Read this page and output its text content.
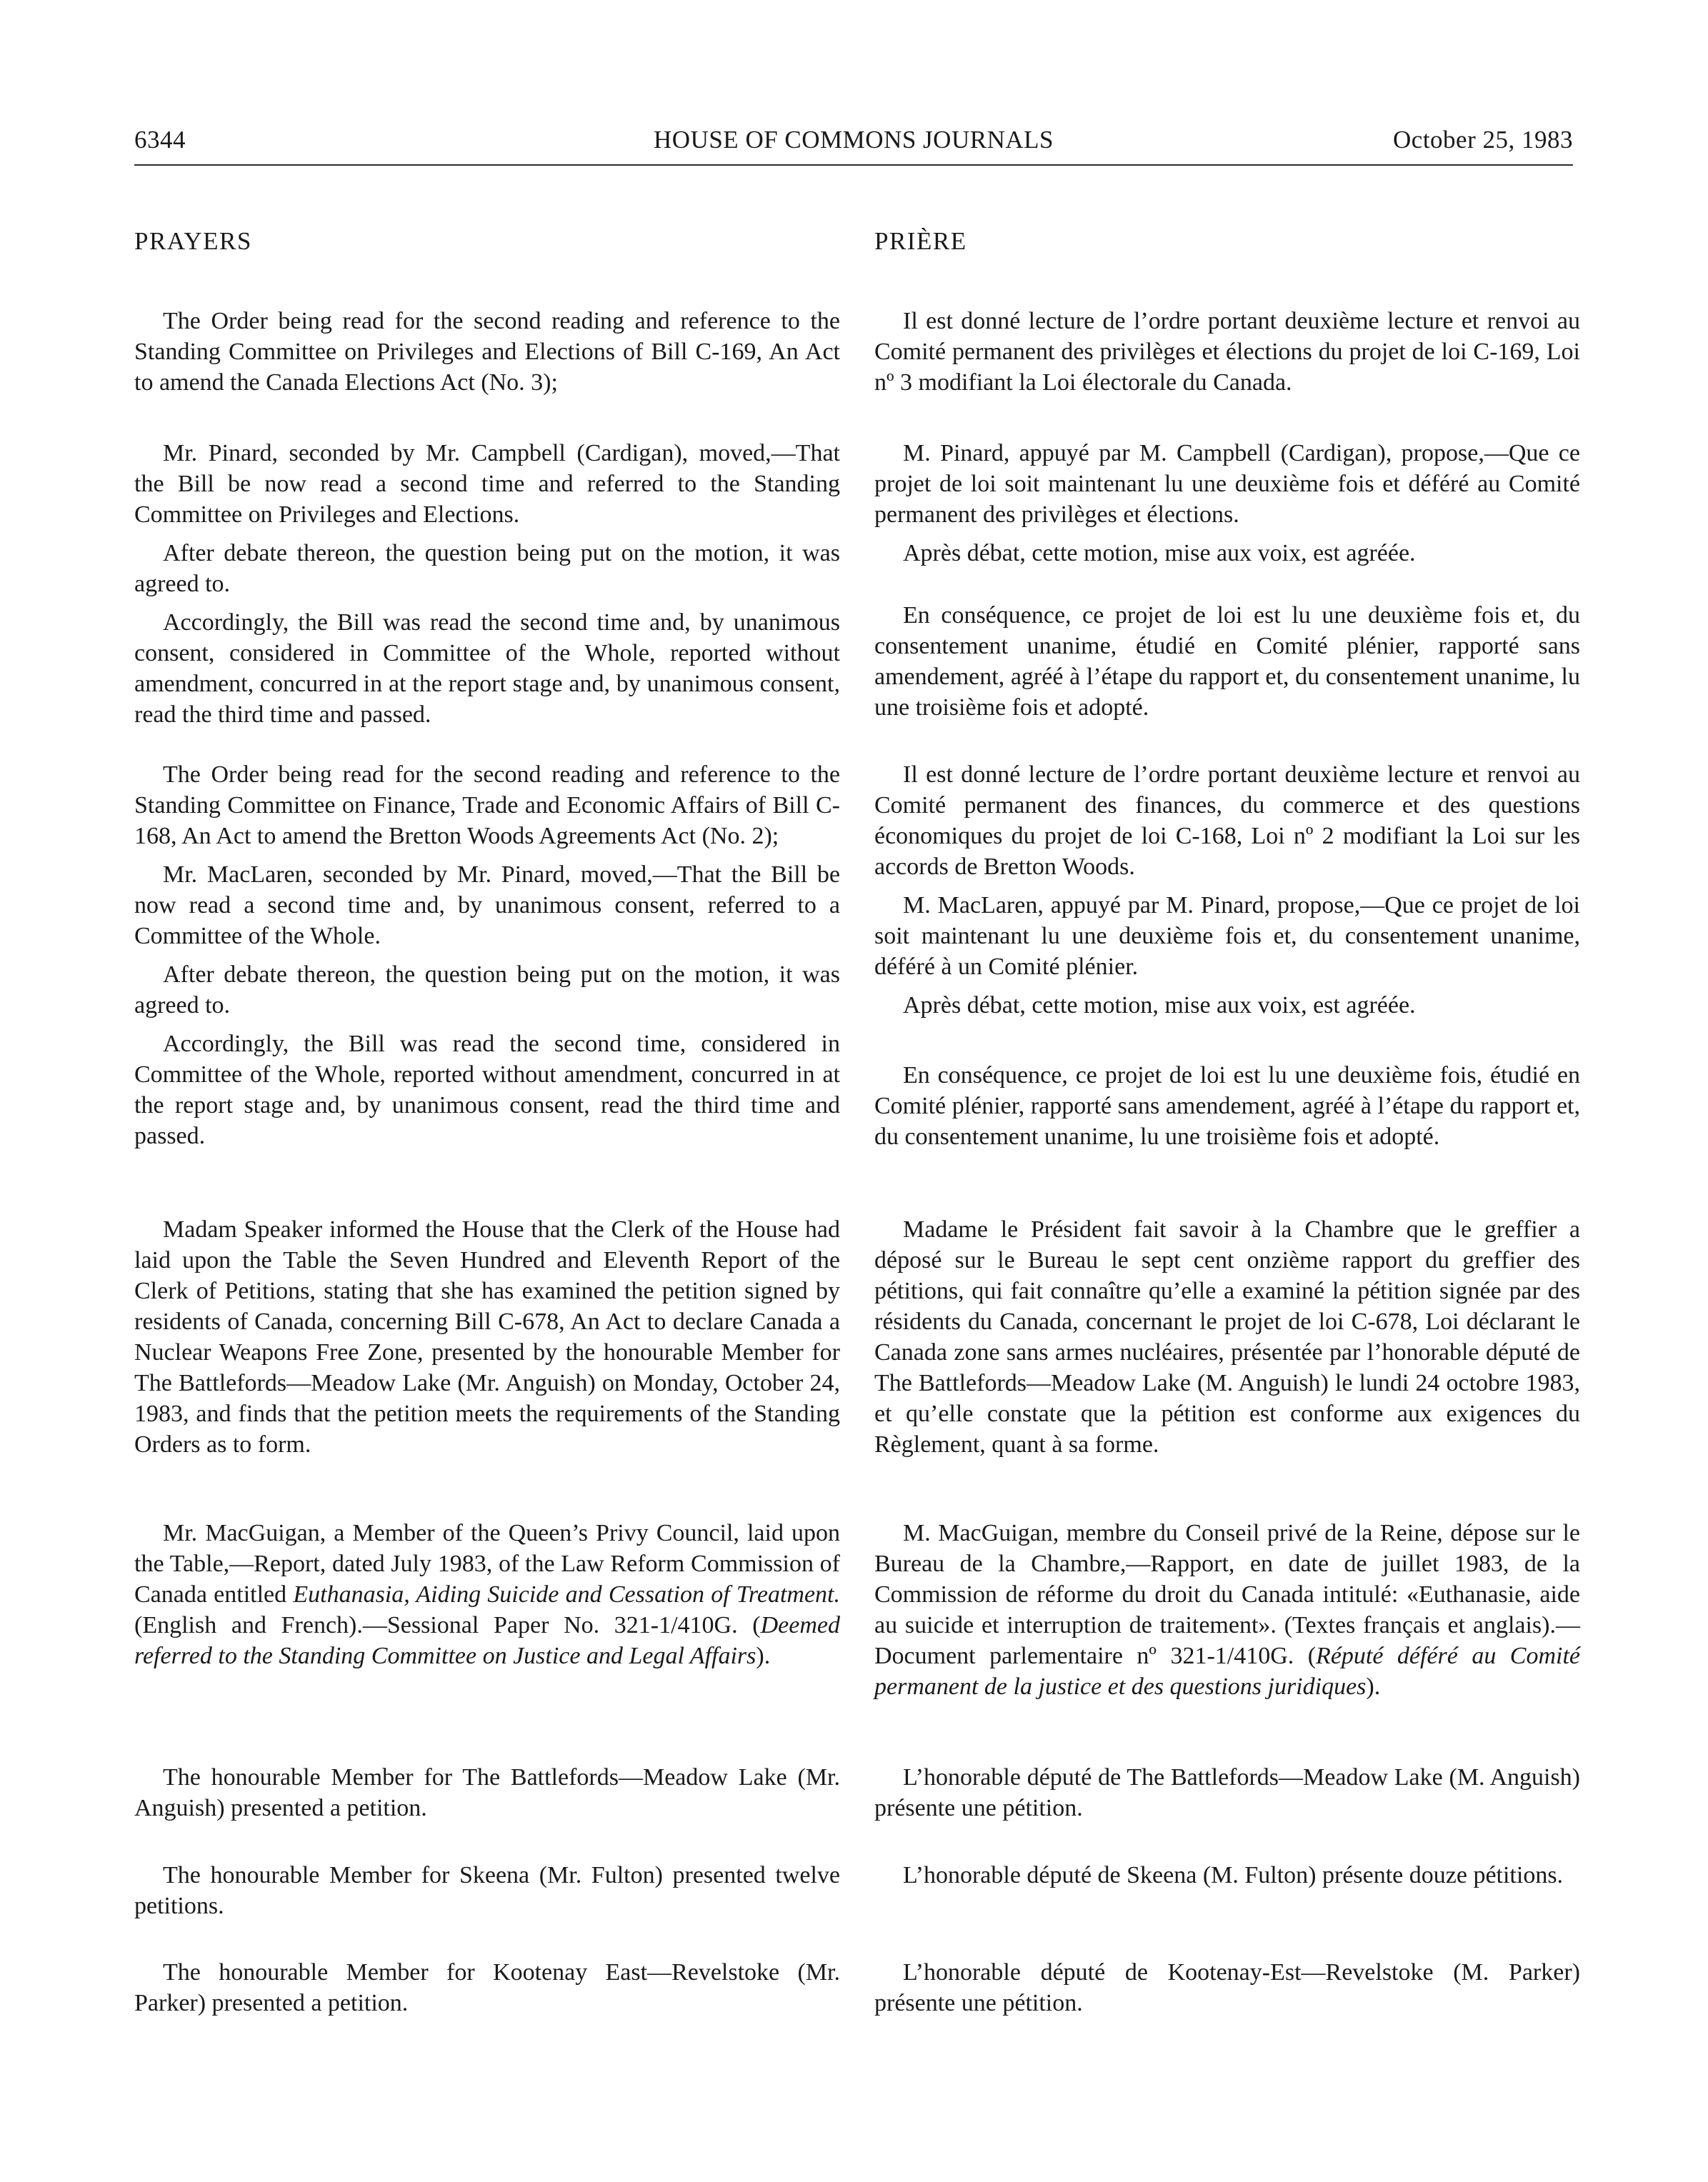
6344	HOUSE OF COMMONS JOURNALS	October 25, 1983
PRAYERS

The Order being read for the second reading and reference to the Standing Committee on Privileges and Elections of Bill C-169, An Act to amend the Canada Elections Act (No. 3);

Mr. Pinard, seconded by Mr. Campbell (Cardigan), moved,—That the Bill be now read a second time and referred to the Standing Committee on Privileges and Elections.

After debate thereon, the question being put on the motion, it was agreed to.

Accordingly, the Bill was read the second time and, by unanimous consent, considered in Committee of the Whole, reported without amendment, concurred in at the report stage and, by unanimous consent, read the third time and passed.

The Order being read for the second reading and reference to the Standing Committee on Finance, Trade and Economic Affairs of Bill C-168, An Act to amend the Bretton Woods Agreements Act (No. 2);

Mr. MacLaren, seconded by Mr. Pinard, moved,—That the Bill be now read a second time and, by unanimous consent, referred to a Committee of the Whole.

After debate thereon, the question being put on the motion, it was agreed to.

Accordingly, the Bill was read the second time, considered in Committee of the Whole, reported without amendment, concurred in at the report stage and, by unanimous consent, read the third time and passed.

Madam Speaker informed the House that the Clerk of the House had laid upon the Table the Seven Hundred and Eleventh Report of the Clerk of Petitions, stating that she has examined the petition signed by residents of Canada, concerning Bill C-678, An Act to declare Canada a Nuclear Weapons Free Zone, presented by the honourable Member for The Battlefords—Meadow Lake (Mr. Anguish) on Monday, October 24, 1983, and finds that the petition meets the requirements of the Standing Orders as to form.

Mr. MacGuigan, a Member of the Queen’s Privy Council, laid upon the Table,—Report, dated July 1983, of the Law Reform Commission of Canada entitled Euthanasia, Aiding Suicide and Cessation of Treatment. (English and French).—Sessional Paper No. 321-1/410G. (Deemed referred to the Standing Committee on Justice and Legal Affairs).

The honourable Member for The Battlefords—Meadow Lake (Mr. Anguish) presented a petition.

The honourable Member for Skeena (Mr. Fulton) presented twelve petitions.

The honourable Member for Kootenay East—Revelstoke (Mr. Parker) presented a petition.

PRIÈRE

Il est donné lecture de l’ordre portant deuxième lecture et renvoi au Comité permanent des privilèges et élections du projet de loi C-169, Loi nº 3 modifiant la Loi électorale du Canada.

M. Pinard, appuyé par M. Campbell (Cardigan), propose,—Que ce projet de loi soit maintenant lu une deuxième fois et déféré au Comité permanent des privilèges et élections.

Après débat, cette motion, mise aux voix, est agréée.

En conséquence, ce projet de loi est lu une deuxième fois et, du consentement unanime, étudié en Comité plénier, rapporté sans amendement, agréé à l’étape du rapport et, du consentement unanime, lu une troisième fois et adopté.

Il est donné lecture de l’ordre portant deuxième lecture et renvoi au Comité permanent des finances, du commerce et des questions économiques du projet de loi C-168, Loi nº 2 modifiant la Loi sur les accords de Bretton Woods.

M. MacLaren, appuyé par M. Pinard, propose,—Que ce projet de loi soit maintenant lu une deuxième fois et, du consentement unanime, déféré à un Comité plénier.

Après débat, cette motion, mise aux voix, est agréée.

En conséquence, ce projet de loi est lu une deuxième fois, étudié en Comité plénier, rapporté sans amendement, agréé à l’étape du rapport et, du consentement unanime, lu une troisième fois et adopté.

Madame le Président fait savoir à la Chambre que le greffier a déposé sur le Bureau le sept cent onzième rapport du greffier des pétitions, qui fait connaître qu’elle a examiné la pétition signée par des résidents du Canada, concernant le projet de loi C-678, Loi déclarant le Canada zone sans armes nucléaires, présentée par l’honorable député de The Battlefords—Meadow Lake (M. Anguish) le lundi 24 octobre 1983, et qu’elle constate que la pétition est conforme aux exigences du Règlement, quant à sa forme.

M. MacGuigan, membre du Conseil privé de la Reine, dépose sur le Bureau de la Chambre,—Rapport, en date de juillet 1983, de la Commission de réforme du droit du Canada intitulé: «Euthanasie, aide au suicide et interruption de traitement». (Textes français et anglais).—Document parlementaire nº 321-1/410G. (Réputé déféré au Comité permanent de la justice et des questions juridiques).

L’honorable député de The Battlefords—Meadow Lake (M. Anguish) présente une pétition.

L’honorable député de Skeena (M. Fulton) présente douze pétitions.

L’honorable député de Kootenay-Est—Revelstoke (M. Parker) présente une pétition.
